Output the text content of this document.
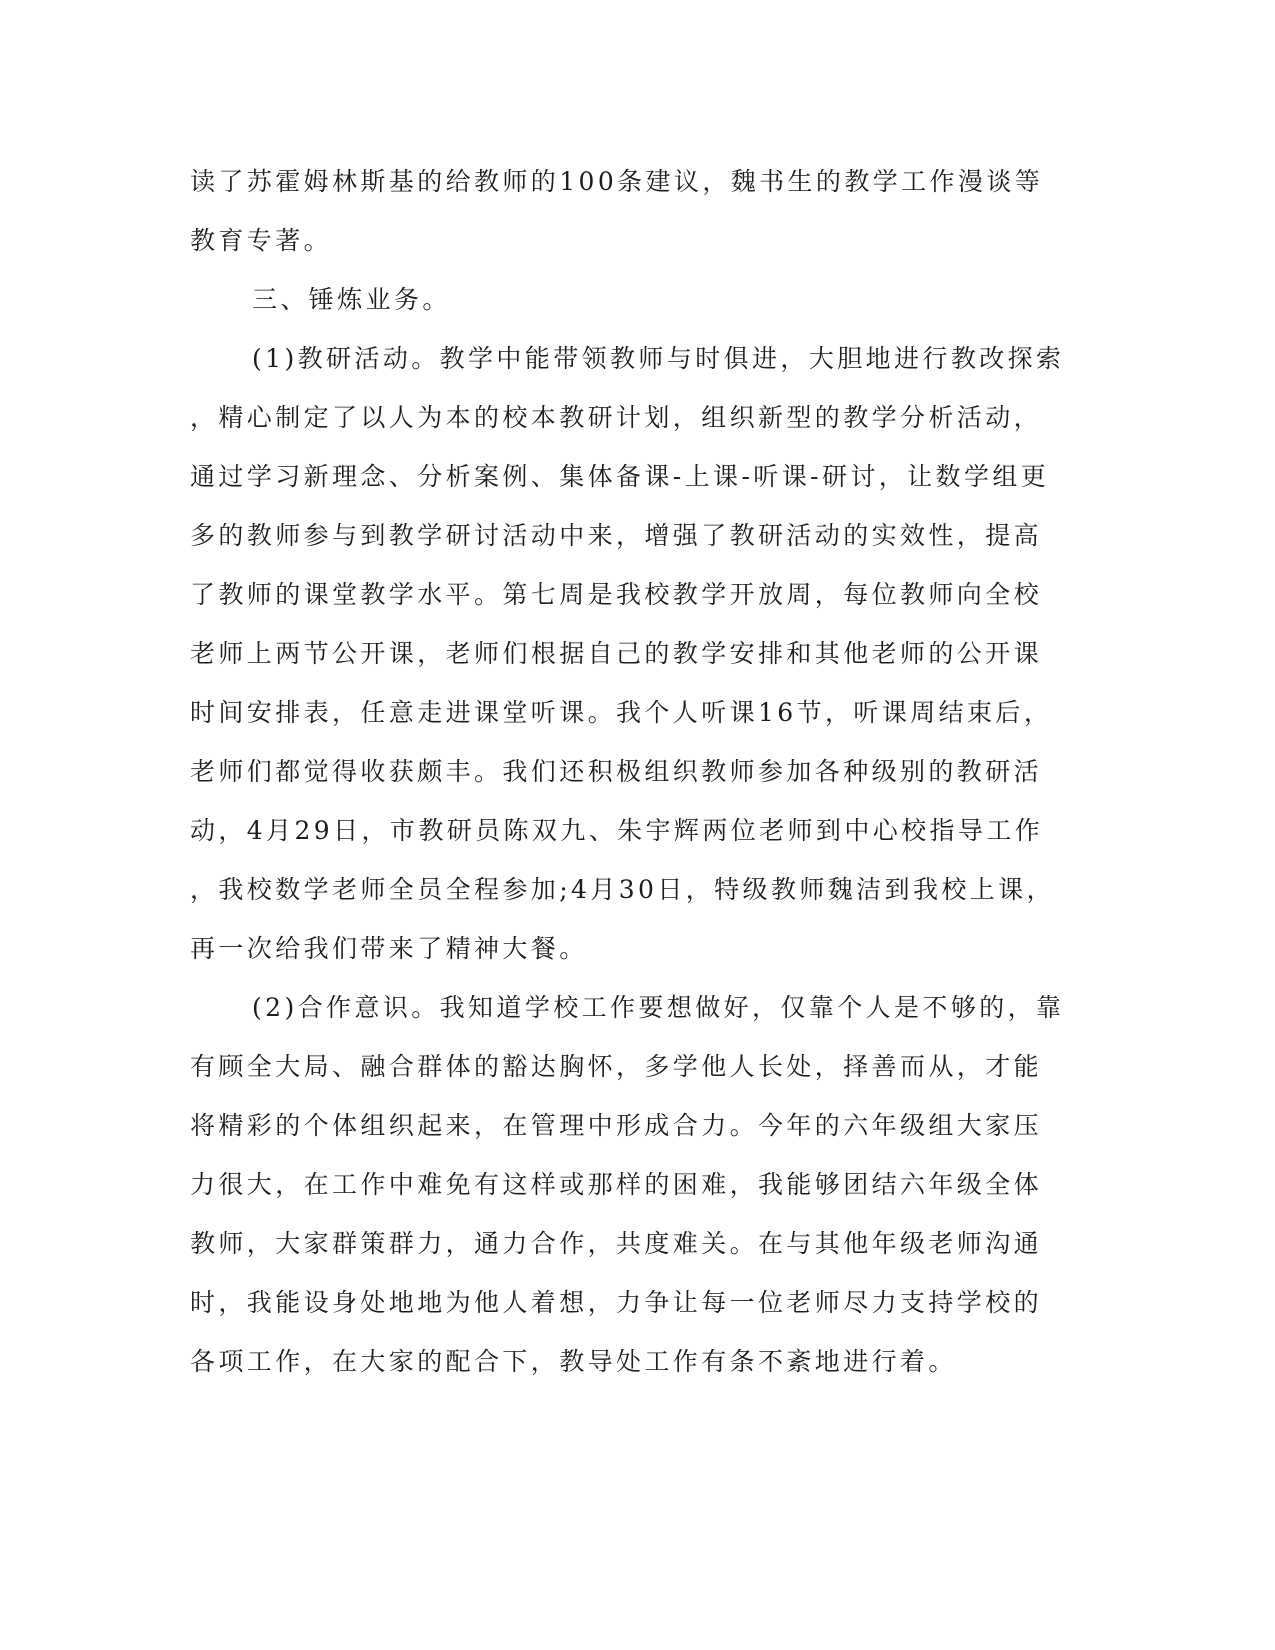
读了苏霍姆林斯基的给教师的100条建议，魏书生的教学工作漫谈等
教育专著。
三、锤炼业务。
(1)教研活动。教学中能带领教师与时俱进，大胆地进行教改探索
，精心制定了以人为本的校本教研计划，组织新型的教学分析活动，
通过学习新理念、分析案例、集体备课-上课-听课-研讨，让数学组更
多的教师参与到教学研讨活动中来，增强了教研活动的实效性，提高
了教师的课堂教学水平。第七周是我校教学开放周，每位教师向全校
老师上两节公开课，老师们根据自己的教学安排和其他老师的公开课
时间安排表，任意走进课堂听课。我个人听课16节，听课周结束后，
老师们都觉得收获颇丰。我们还积极组织教师参加各种级别的教研活
动，4月29日，市教研员陈双九、朱宇辉两位老师到中心校指导工作
，我校数学老师全员全程参加;4月30日，特级教师魏洁到我校上课，
再一次给我们带来了精神大餐。
(2)合作意识。我知道学校工作要想做好，仅靠个人是不够的，靠
有顾全大局、融合群体的豁达胸怀，多学他人长处，择善而从，才能
将精彩的个体组织起来，在管理中形成合力。今年的六年级组大家压
力很大，在工作中难免有这样或那样的困难，我能够团结六年级全体
教师，大家群策群力，通力合作，共度难关。在与其他年级老师沟通
时，我能设身处地地为他人着想，力争让每一位老师尽力支持学校的
各项工作，在大家的配合下，教导处工作有条不紊地进行着。
